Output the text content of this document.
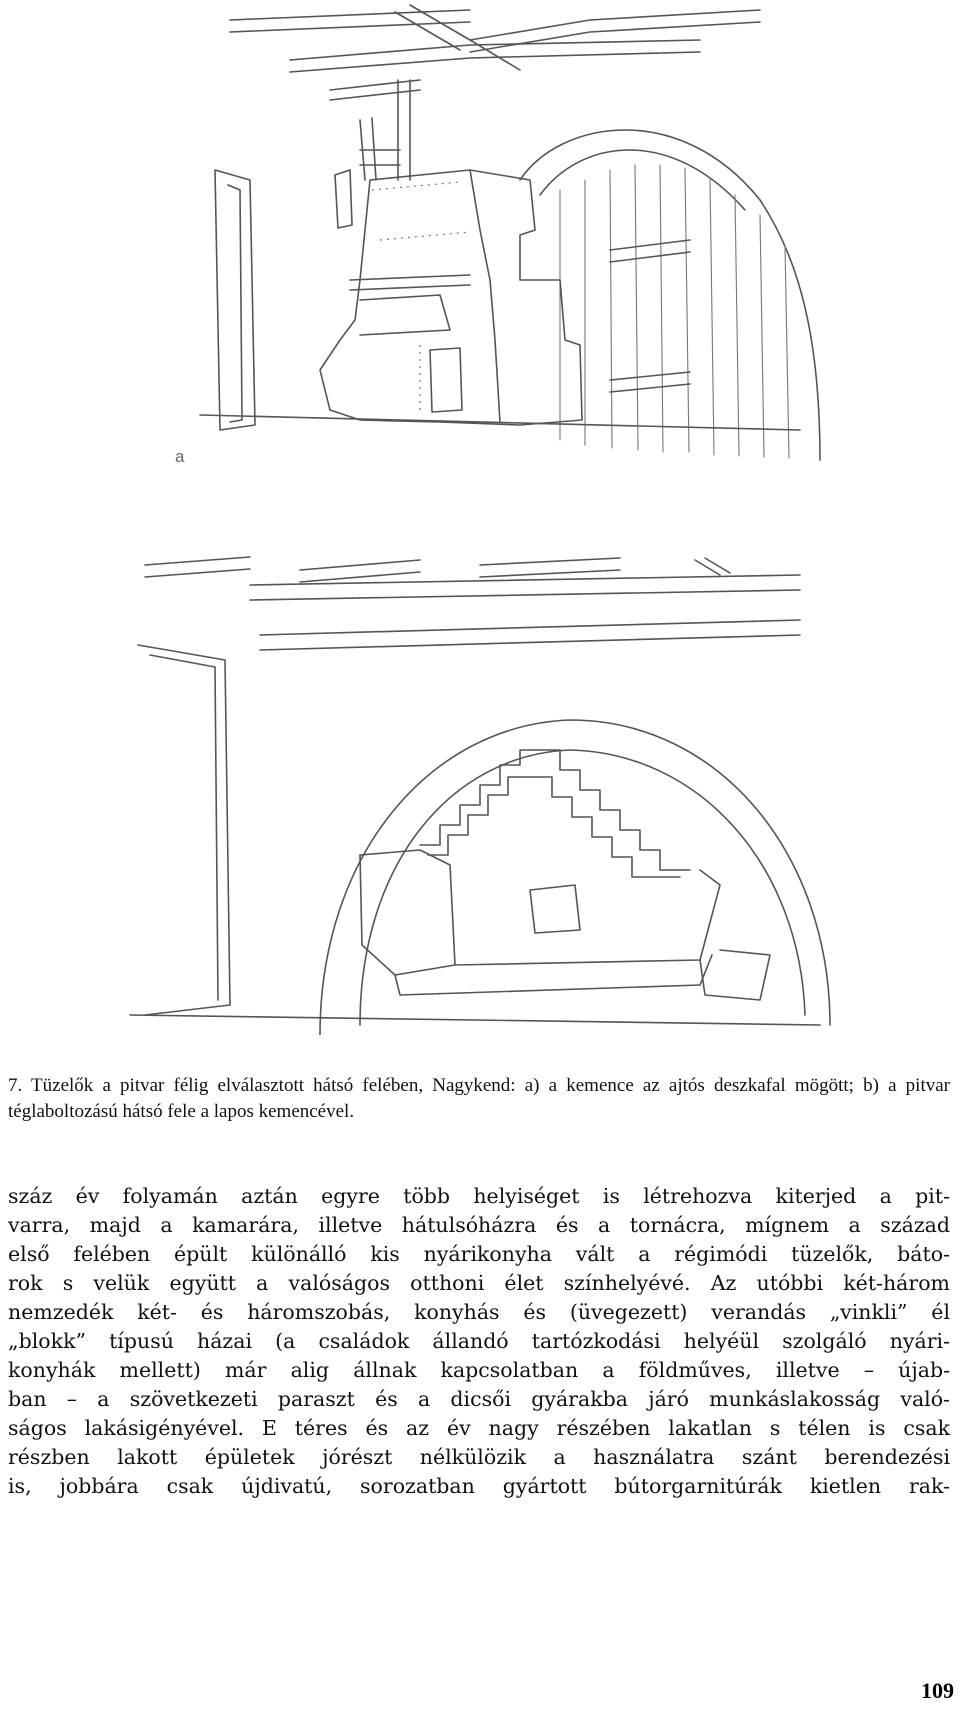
a
7. Tüzelők a pitvar félig elválasztott hátsó felében, Nagykend: a) a kemence az ajtós deszkafal mögött; b) a pitvar téglaboltozású hátsó fele a lapos kemencével.
száz év folyamán aztán egyre több helyiséget is létrehozva kiterjed a pit-
varra, majd a kamarára, illetve hátulsóházra és a tornácra, mígnem a század
első felében épült különálló kis nyárikonyha vált a régimódi tüzelők, báto-
rok s velük együtt a valóságos otthoni élet színhelyévé. Az utóbbi két-három
nemzedék két- és háromszobás, konyhás és (üvegezett) verandás „vinkli” él
„blokk” típusú házai (a családok állandó tartózkodási helyéül szolgáló nyári-
konyhák mellett) már alig állnak kapcsolatban a földműves, illetve – újab-
ban – a szövetkezeti paraszt és a dicsői gyárakba járó munkáslakosság való-
ságos lakásigényével. E téres és az év nagy részében lakatlan s télen is csak
részben lakott épületek jórészt nélkülözik a használatra szánt berendezési
is, jobbára csak újdivatú, sorozatban gyártott bútorgarnitúrák kietlen rak-
109
